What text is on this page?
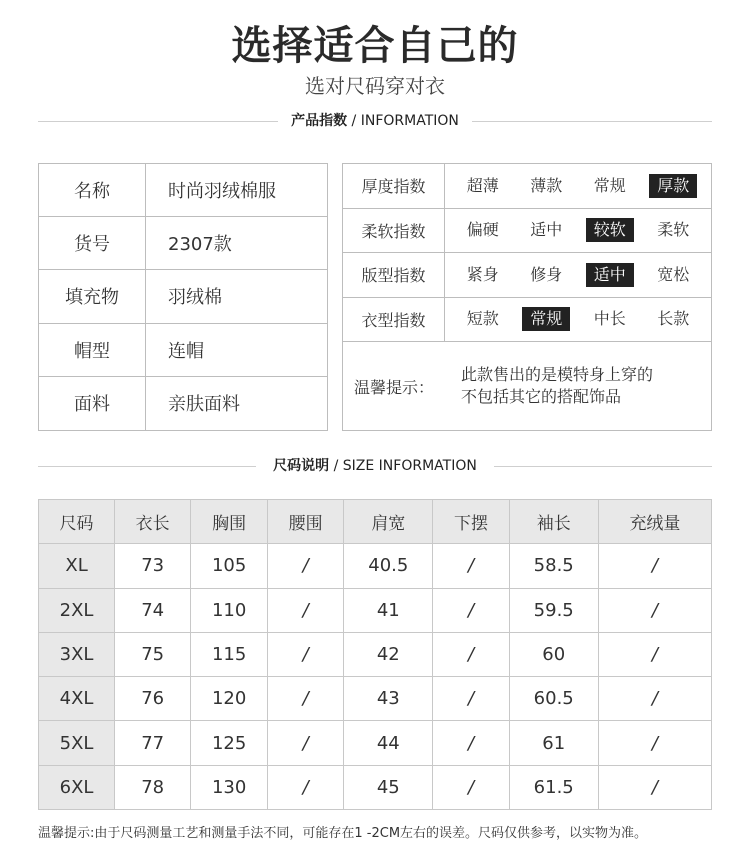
选择适合自己的
选对尺码穿对衣
产品指数 / INFORMATION
名称	时尚羽绒棉服
货号	2307款
填充物	羽绒棉
帽型	连帽
面料	亲肤面料
厚度指数	超薄	薄款	常规	厚款
柔软指数	偏硬	适中	较软	柔软
版型指数	紧身	修身	适中	宽松
衣型指数	短款	常规	中长	长款
温馨提示：
此款售出的是模特身上穿的
不包括其它的搭配饰品
尺码说明 / SIZE INFORMATION
尺码	衣长	胸围	腰围	肩宽	下摆	袖长	充绒量
XL	73	105	/	40.5	/	58.5	/
2XL	74	110	/	41	/	59.5	/
3XL	75	115	/	42	/	60	/
4XL	76	120	/	43	/	60.5	/
5XL	77	125	/	44	/	61	/
6XL	78	130	/	45	/	61.5	/
温馨提示:由于尺码测量工艺和测量手法不同，可能存在1 -2CM左右的误差。尺码仅供参考，以实物为准。
